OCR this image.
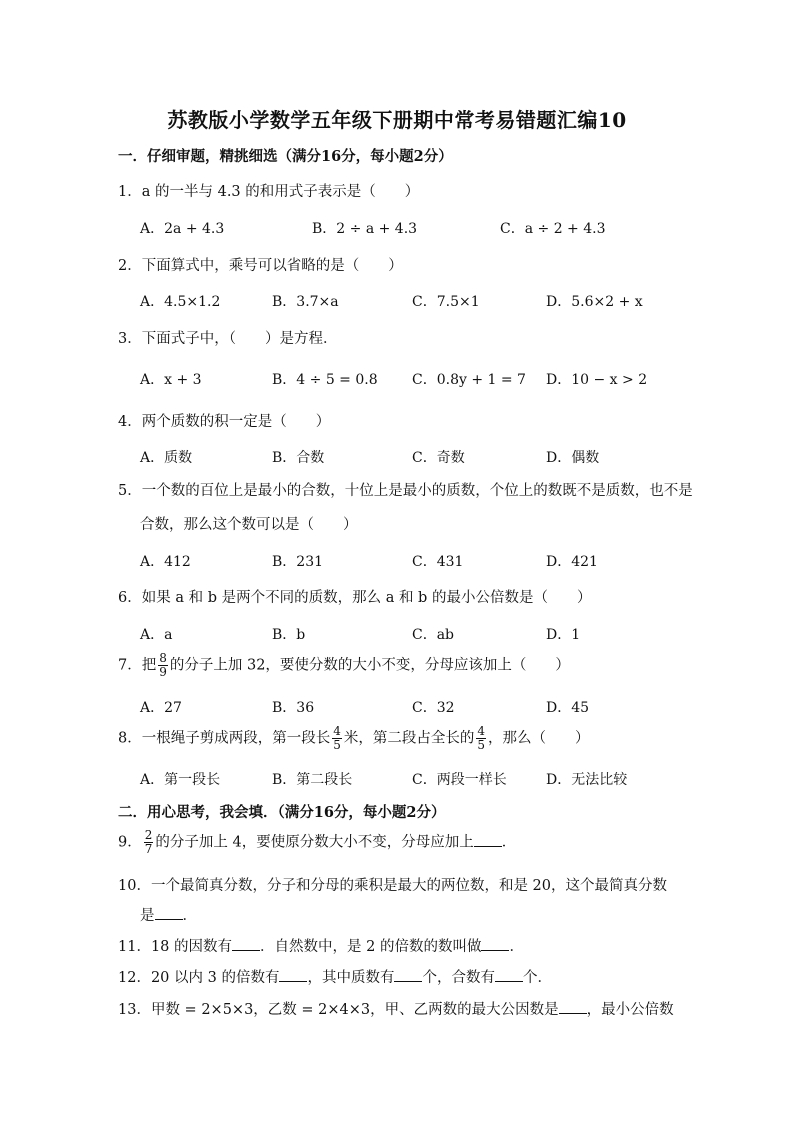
苏教版小学数学五年级下册期中常考易错题汇编10
一．仔细审题，精挑细选（满分16分，每小题2分）
1．a 的一半与 4.3 的和用式子表示是（　　）
A．2a + 4.3	B．2 ÷ a + 4.3	C．a ÷ 2 + 4.3
2．下面算式中，乘号可以省略的是（　　）
A．4.5×1.2	B．3.7×a	C．7.5×1	D．5.6×2 + x
3．下面式子中，（　　）是方程．
A．x + 3	B．4 ÷ 5 = 0.8 C．0.8y + 1 = 7 D．10 − x > 2
4．两个质数的积一定是（　　）
A．质数	B．合数	C．奇数	D．偶数
5．一个数的百位上是最小的合数，十位上是最小的质数，个位上的数既不是质数，也不是
合数，那么这个数可以是（　　）
A．412	B．231	C．431	D．421
6．如果 a 和 b 是两个不同的质数，那么 a 和 b 的最小公倍数是（　　）
A．a	B．b	C．ab	D．1
7．把 $\frac{8}{9}$ 的分子上加 32，要使分数的大小不变，分母应该加上（　　）
A．27	B．36	C．32	D．45
8．一根绳子剪成两段，第一段长 $\frac{4}{5}$ 米，第二段占全长的 $\frac{4}{5}$ ，那么（　　）
A．第一段长	B．第二段长	C．两段一样长	D．无法比较
二．用心思考，我会填．（满分16分，每小题2分）
9． $\frac{2}{7}$ 的分子加上 4，要使原分数大小不变，分母应加上 ．
10．一个最简真分数，分子和分母的乘积是最大的两位数，和是 20，这个最简真分数
是 ．
11．18 的因数有 ．自然数中，是 2 的倍数的数叫做 ．
12．20 以内 3 的倍数有 ，其中质数有 个，合数有 个．
13．甲数 = 2×5×3，乙数 = 2×4×3，甲、乙两数的最大公因数是 ，最小公倍数
